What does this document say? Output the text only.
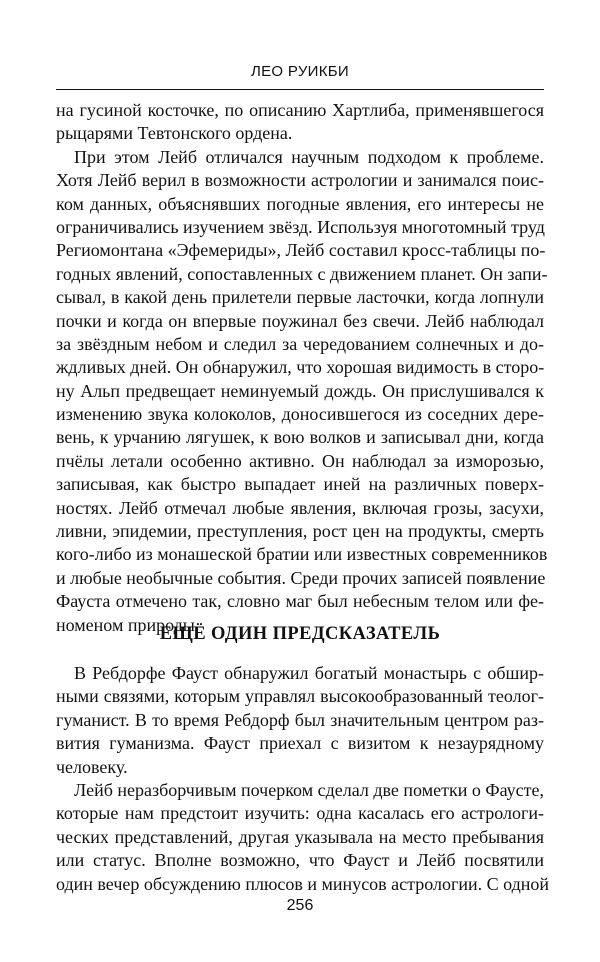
ЛЕО РУИКБИ
на гусиной косточке, по описанию Хартлиба, применявшегося
рыцарями Тевтонского ордена.
При этом Лейб отличался научным подходом к проблеме.
Хотя Лейб верил в возможности астрологии и занимался поис-
ком данных, объяснявших погодные явления, его интересы не
ограничивались изучением звёзд. Используя многотомный труд
Региомонтана «Эфемериды», Лейб составил кросс-таблицы по-
годных явлений, сопоставленных с движением планет. Он запи-
сывал, в какой день прилетели первые ласточки, когда лопнули
почки и когда он впервые поужинал без свечи. Лейб наблюдал
за звёздным небом и следил за чередованием солнечных и до-
ждливых дней. Он обнаружил, что хорошая видимость в сторо-
ну Альп предвещает неминуемый дождь. Он прислушивался к
изменению звука колоколов, доносившегося из соседних дере-
вень, к урчанию лягушек, к вою волков и записывал дни, когда
пчёлы летали особенно активно. Он наблюдал за изморозью,
записывая, как быстро выпадает иней на различных поверх-
ностях. Лейб отмечал любые явления, включая грозы, засухи,
ливни, эпидемии, преступления, рост цен на продукты, смерть
кого-либо из монашеской братии или известных современников
и любые необычные события. Среди прочих записей появление
Фауста отмечено так, словно маг был небесным телом или фе-
номеном природы.
ЕЩЁ ОДИН ПРЕДСКАЗАТЕЛЬ
В Ребдорфе Фауст обнаружил богатый монастырь с обшир-
ными связями, которым управлял высокообразованный теолог-
гуманист. В то время Ребдорф был значительным центром раз-
вития гуманизма. Фауст приехал с визитом к незаурядному
человеку.
Лейб неразборчивым почерком сделал две пометки о Фаусте,
которые нам предстоит изучить: одна касалась его астрологи-
ческих представлений, другая указывала на место пребывания
или статус. Вполне возможно, что Фауст и Лейб посвятили
один вечер обсуждению плюсов и минусов астрологии. С одной
256
